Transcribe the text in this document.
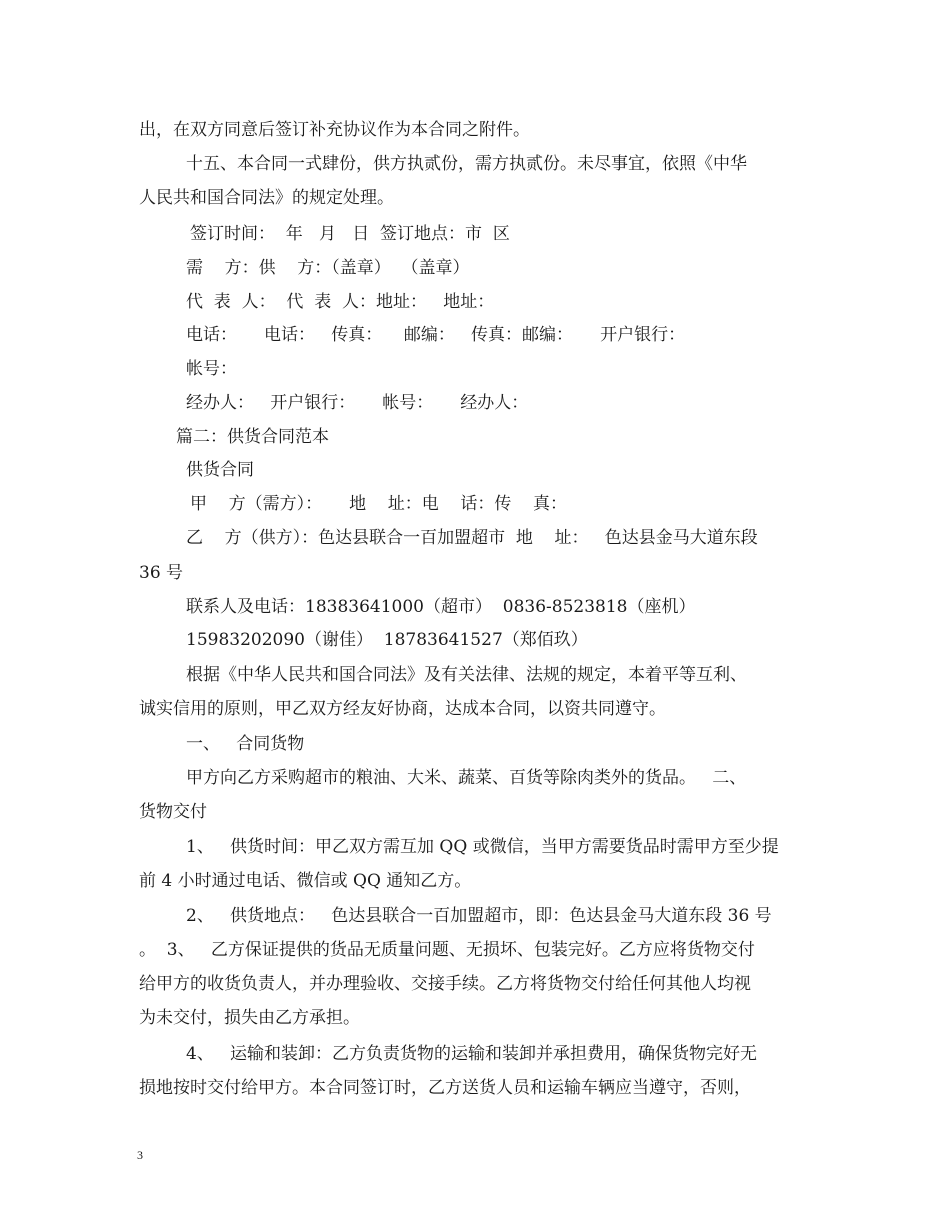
出，在双方同意后签订补充协议作为本合同之附件。
十五、本合同一式肆份，供方执贰份，需方执贰份。未尽事宜，依照《中华
人民共和国合同法》的规定处理。
签订时间：  年   月   日  签订地点：市  区
需    方：供    方：（盖章）  （盖章）
代  表  人：  代  表  人：地址：   地址：
电话：     电话：   传真：    邮编：   传真：邮编：     开户银行：
帐号：
经办人：   开户银行：     帐号：     经办人：
篇二：供货合同范本
供货合同
甲    方（需方）：     地    址：电    话：传    真：
乙    方（供方）：色达县联合一百加盟超市  地    址：   色达县金马大道东段
36 号
联系人及电话：18383641000（超市）  0836-8523818（座机）
15983202090（谢佳）  18783641527（郑佰玖）
根据《中华人民共和国合同法》及有关法律、法规的规定，本着平等互利、
诚实信用的原则，甲乙双方经友好协商，达成本合同，以资共同遵守。
一、   合同货物
甲方向乙方采购超市的粮油、大米、蔬菜、百货等除肉类外的货品。   二、
货物交付
1、   供货时间：甲乙双方需互加 QQ 或微信，当甲方需要货品时需甲方至少提
前 4 小时通过电话、微信或 QQ 通知乙方。
2、   供货地点：   色达县联合一百加盟超市，即：色达县金马大道东段 36 号
。  3、   乙方保证提供的货品无质量问题、无损坏、包装完好。乙方应将货物交付
给甲方的收货负责人，并办理验收、交接手续。乙方将货物交付给任何其他人均视
为未交付，损失由乙方承担。
4、   运输和装卸：乙方负责货物的运输和装卸并承担费用，确保货物完好无
损地按时交付给甲方。本合同签订时，乙方送货人员和运输车辆应当遵守，否则，
3
